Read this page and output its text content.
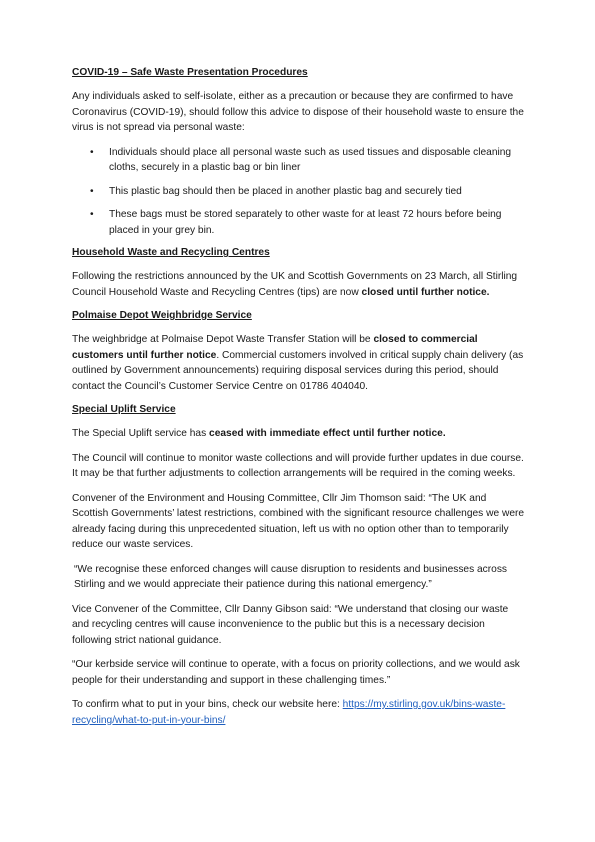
COVID-19 – Safe Waste Presentation Procedures

Any individuals asked to self-isolate, either as a precaution or because they are confirmed to have Coronavirus (COVID-19), should follow this advice to dispose of their household waste to ensure the virus is not spread via personal waste:

• Individuals should place all personal waste such as used tissues and disposable cleaning cloths, securely in a plastic bag or bin liner
• This plastic bag should then be placed in another plastic bag and securely tied
• These bags must be stored separately to other waste for at least 72 hours before being placed in your grey bin.
Household Waste and Recycling Centres

Following the restrictions announced by the UK and Scottish Governments on 23 March, all Stirling Council Household Waste and Recycling Centres (tips) are now closed until further notice.

Polmaise Depot Weighbridge Service

The weighbridge at Polmaise Depot Waste Transfer Station will be closed to commercial customers until further notice. Commercial customers involved in critical supply chain delivery (as outlined by Government announcements) requiring disposal services during this period, should contact the Council’s Customer Service Centre on 01786 404040.

Special Uplift Service

The Special Uplift service has ceased with immediate effect until further notice.

The Council will continue to monitor waste collections and will provide further updates in due course. It may be that further adjustments to collection arrangements will be required in the coming weeks.

Convener of the Environment and Housing Committee, Cllr Jim Thomson said: “The UK and Scottish Governments’ latest restrictions, combined with the significant resource challenges we were already facing during this unprecedented situation, left us with no option other than to temporarily reduce our waste services.

“We recognise these enforced changes will cause disruption to residents and businesses across Stirling and we would appreciate their patience during this national emergency.”

Vice Convener of the Committee, Cllr Danny Gibson said: “We understand that closing our waste and recycling centres will cause inconvenience to the public but this is a necessary decision following strict national guidance.

“Our kerbside service will continue to operate, with a focus on priority collections, and we would ask people for their understanding and support in these challenging times.”

To confirm what to put in your bins, check our website here: https://my.stirling.gov.uk/bins-waste-recycling/what-to-put-in-your-bins/
